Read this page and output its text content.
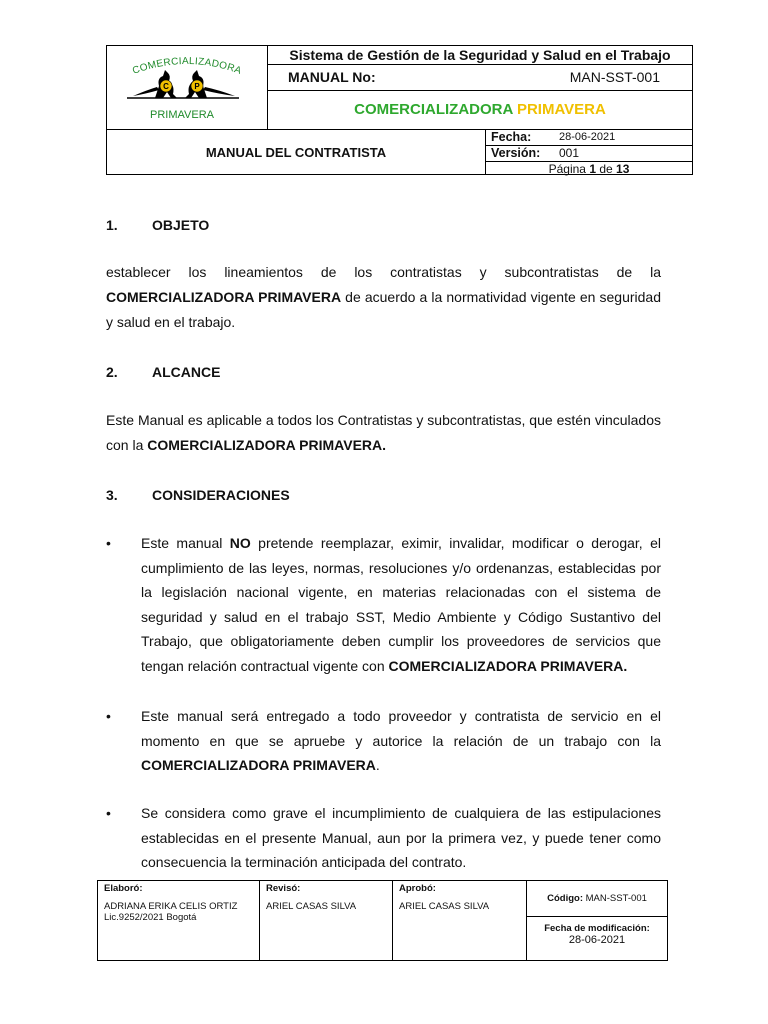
COMERCIALIZADORA
C	P
PRIMAVERA
Sistema de Gestión de la Seguridad y Salud en el Trabajo
MANUAL No:	MAN-SST-001
COMERCIALIZADORA PRIMAVERA
MANUAL DEL CONTRATISTA
Fecha:	28-06-2021
Versión: 001
Página 1 de 13
1. OBJETO
establecer los lineamientos de los contratistas y subcontratistas de la COMERCIALIZADORA PRIMAVERA de acuerdo a la normatividad vigente en seguridad y salud en el trabajo.
2. ALCANCE
Este Manual es aplicable a todos los Contratistas y subcontratistas, que estén vinculados con la COMERCIALIZADORA PRIMAVERA.
3. CONSIDERACIONES
• Este manual NO pretende reemplazar, eximir, invalidar, modificar o derogar, el cumplimiento de las leyes, normas, resoluciones y/o ordenanzas, establecidas por la legislación nacional vigente, en materias relacionadas con el sistema de seguridad y salud en el trabajo SST, Medio Ambiente y Código Sustantivo del Trabajo, que obligatoriamente deben cumplir los proveedores de servicios que tengan relación contractual vigente con COMERCIALIZADORA PRIMAVERA.
• Este manual será entregado a todo proveedor y contratista de servicio en el momento en que se apruebe y autorice la relación de un trabajo con la COMERCIALIZADORA PRIMAVERA.
• Se considera como grave el incumplimiento de cualquiera de las estipulaciones establecidas en el presente Manual, aun por la primera vez, y puede tener como consecuencia la terminación anticipada del contrato.
Elaboró:
ADRIANA ERIKA CELIS ORTIZ
Lic.9252/2021 Bogotá
Revisó:
ARIEL CASAS SILVA
Aprobó:
ARIEL CASAS SILVA
Código: MAN-SST-001
Fecha de modificación:
28-06-2021
